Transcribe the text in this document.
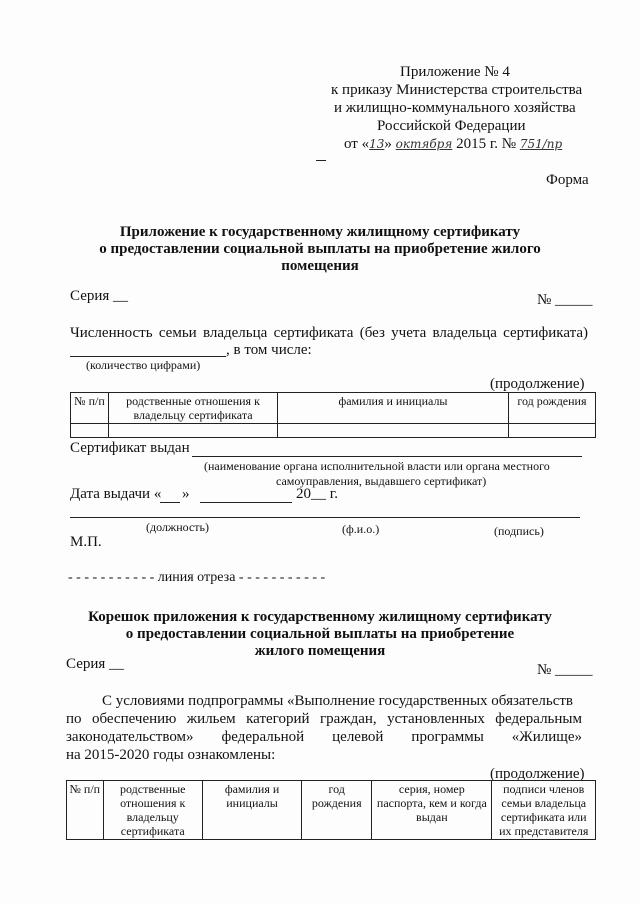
Приложение № 4
к приказу Министерства строительства
и жилищно-коммунального хозяйства
Российской Федерации
от «13» октября 2015 г. № 751/пр
Форма
Приложение к государственному жилищному сертификату
о предоставлении социальной выплаты на приобретение жилого
помещения
Серия __	№ _____
Численность семьи владельца сертификата (без учета владельца сертификата)
, в том числе:
(количество цифрами)
(продолжение)
№ п/п	родственные отношения к владельцу сертификата	фамилия и инициалы	год рождения

Сертификат выдан
(наименование органа исполнительной власти или органа местного
самоуправления, выдавшего сертификат)
Дата выдачи « »	20__ г.
(должность)	(ф.и.о.)	(подпись)
М.П.
- - - - - - - - - - - линия отреза - - - - - - - - - - -
Корешок приложения к государственному жилищному сертификату
о предоставлении социальной выплаты на приобретение
жилого помещения
Серия __	№ _____
С условиями подпрограммы «Выполнение государственных обязательств
по обеспечению жильем категорий граждан, установленных федеральным
законодательством» федеральной целевой программы «Жилище»
на 2015-2020 годы ознакомлены:
(продолжение)
№ п/п	родственные отношения к владельцу сертификата	фамилия и инициалы	год рождения	серия, номер паспорта, кем и когда выдан	подписи членов семьи владельца сертификата или их представителя
